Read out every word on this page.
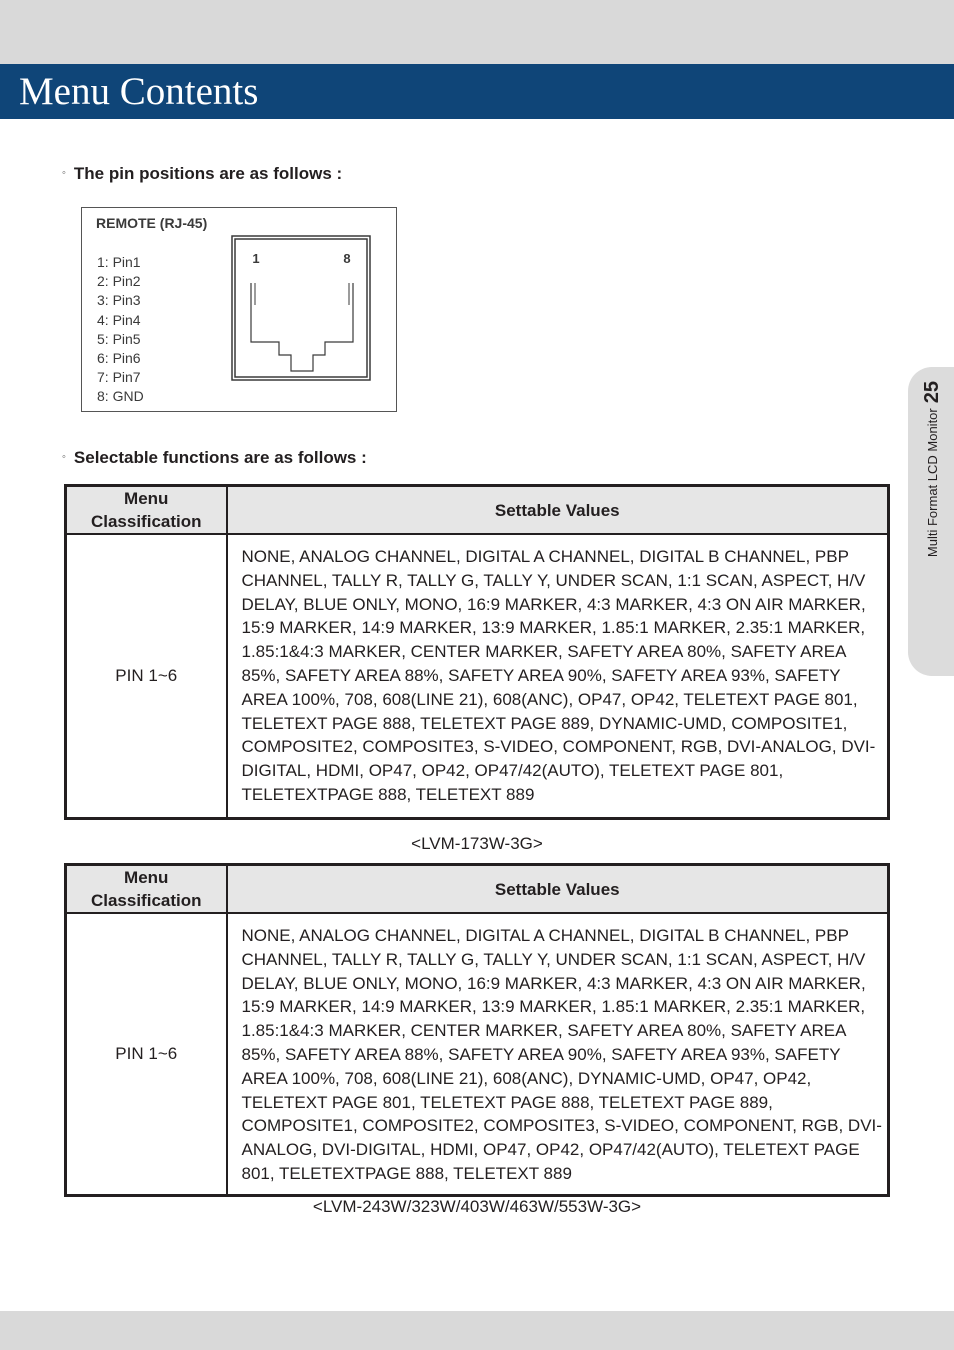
Menu Contents
Multi Format LCD Monitor
25
◦ The pin positions are as follows :
REMOTE (RJ-45)
1: Pin1
2: Pin2
3: Pin3
4: Pin4
5: Pin5
6: Pin6
7: Pin7
8: GND
1	8
◦ Selectable functions are as follows :
Menu Classification	Settable Values
PIN 1~6	NONE, ANALOG CHANNEL, DIGITAL A CHANNEL, DIGITAL B CHANNEL, PBP CHANNEL, TALLY R, TALLY G, TALLY Y, UNDER SCAN, 1:1 SCAN, ASPECT, H/V DELAY, BLUE ONLY, MONO, 16:9 MARKER, 4:3 MARKER, 4:3 ON AIR MARKER, 15:9 MARKER, 14:9 MARKER, 13:9 MARKER, 1.85:1 MARKER, 2.35:1 MARKER, 1.85:1&4:3 MARKER, CENTER MARKER, SAFETY AREA 80%, SAFETY AREA 85%, SAFETY AREA 88%, SAFETY AREA 90%, SAFETY AREA 93%, SAFETY AREA 100%, 708, 608(LINE 21), 608(ANC), OP47, OP42, TELETEXT PAGE 801, TELETEXT PAGE 888, TELETEXT PAGE 889, DYNAMIC-UMD, COMPOSITE1, COMPOSITE2, COMPOSITE3, S-VIDEO, COMPONENT, RGB, DVI-ANALOG, DVI-DIGITAL, HDMI, OP47, OP42, OP47/42(AUTO), TELETEXT PAGE 801, TELETEXTPAGE 888, TELETEXT 889
<LVM-173W-3G>
Menu Classification	Settable Values
PIN 1~6	NONE, ANALOG CHANNEL, DIGITAL A CHANNEL, DIGITAL B CHANNEL, PBP CHANNEL, TALLY R, TALLY G, TALLY Y, UNDER SCAN, 1:1 SCAN, ASPECT, H/V DELAY, BLUE ONLY, MONO, 16:9 MARKER, 4:3 MARKER, 4:3 ON AIR MARKER, 15:9 MARKER, 14:9 MARKER, 13:9 MARKER, 1.85:1 MARKER, 2.35:1 MARKER, 1.85:1&4:3 MARKER, CENTER MARKER, SAFETY AREA 80%, SAFETY AREA 85%, SAFETY AREA 88%, SAFETY AREA 90%, SAFETY AREA 93%, SAFETY AREA 100%, 708, 608(LINE 21), 608(ANC), DYNAMIC-UMD, OP47, OP42, TELETEXT PAGE 801, TELETEXT PAGE 888, TELETEXT PAGE 889, COMPOSITE1, COMPOSITE2, COMPOSITE3, S-VIDEO, COMPONENT, RGB, DVI-ANALOG, DVI-DIGITAL, HDMI, OP47, OP42, OP47/42(AUTO), TELETEXT PAGE 801, TELETEXTPAGE 888, TELETEXT 889
<LVM-243W/323W/403W/463W/553W-3G>
